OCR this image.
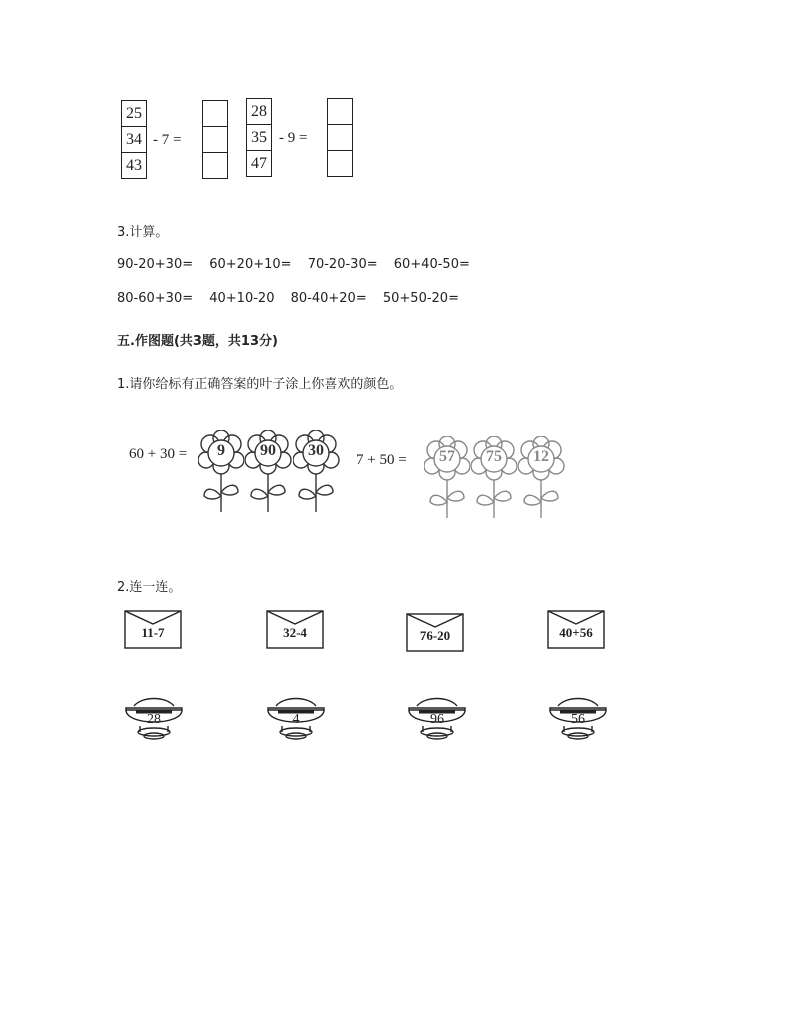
25
34
43
- 7 =
28
35
47
- 9 =
3.计算。
90-20+30= 60+20+10= 70-20-30= 60+40-50=
80-60+30= 40+10-20 80-40+20= 50+50-20=
五.作图题(共3题，共13分)
1.请你给标有正确答案的叶子涂上你喜欢的颜色。
60 + 30 =	7 + 50 =
9	90	30	57	75	12
2.连一连。
11-7	32-4	76-20	40+56
28	4	96	56
